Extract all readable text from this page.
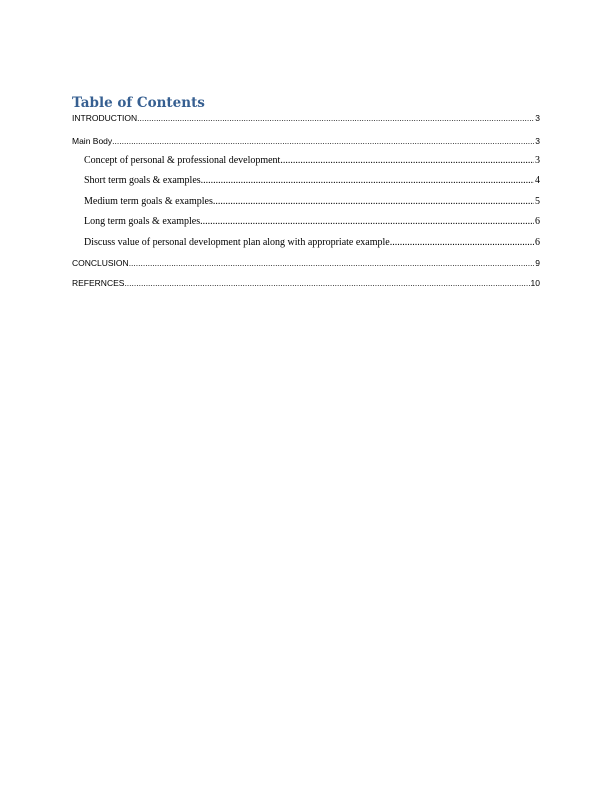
Table of Contents
INTRODUCTION .....	3
Main Body .....	3
Concept of personal & professional development .....	3
Short term goals & examples .....	4
Medium term goals & examples .....	5
Long term goals & examples .....	6
Discuss value of personal development plan along with appropriate example .....	6
CONCLUSION .....	9
REFERNCES .....	10
